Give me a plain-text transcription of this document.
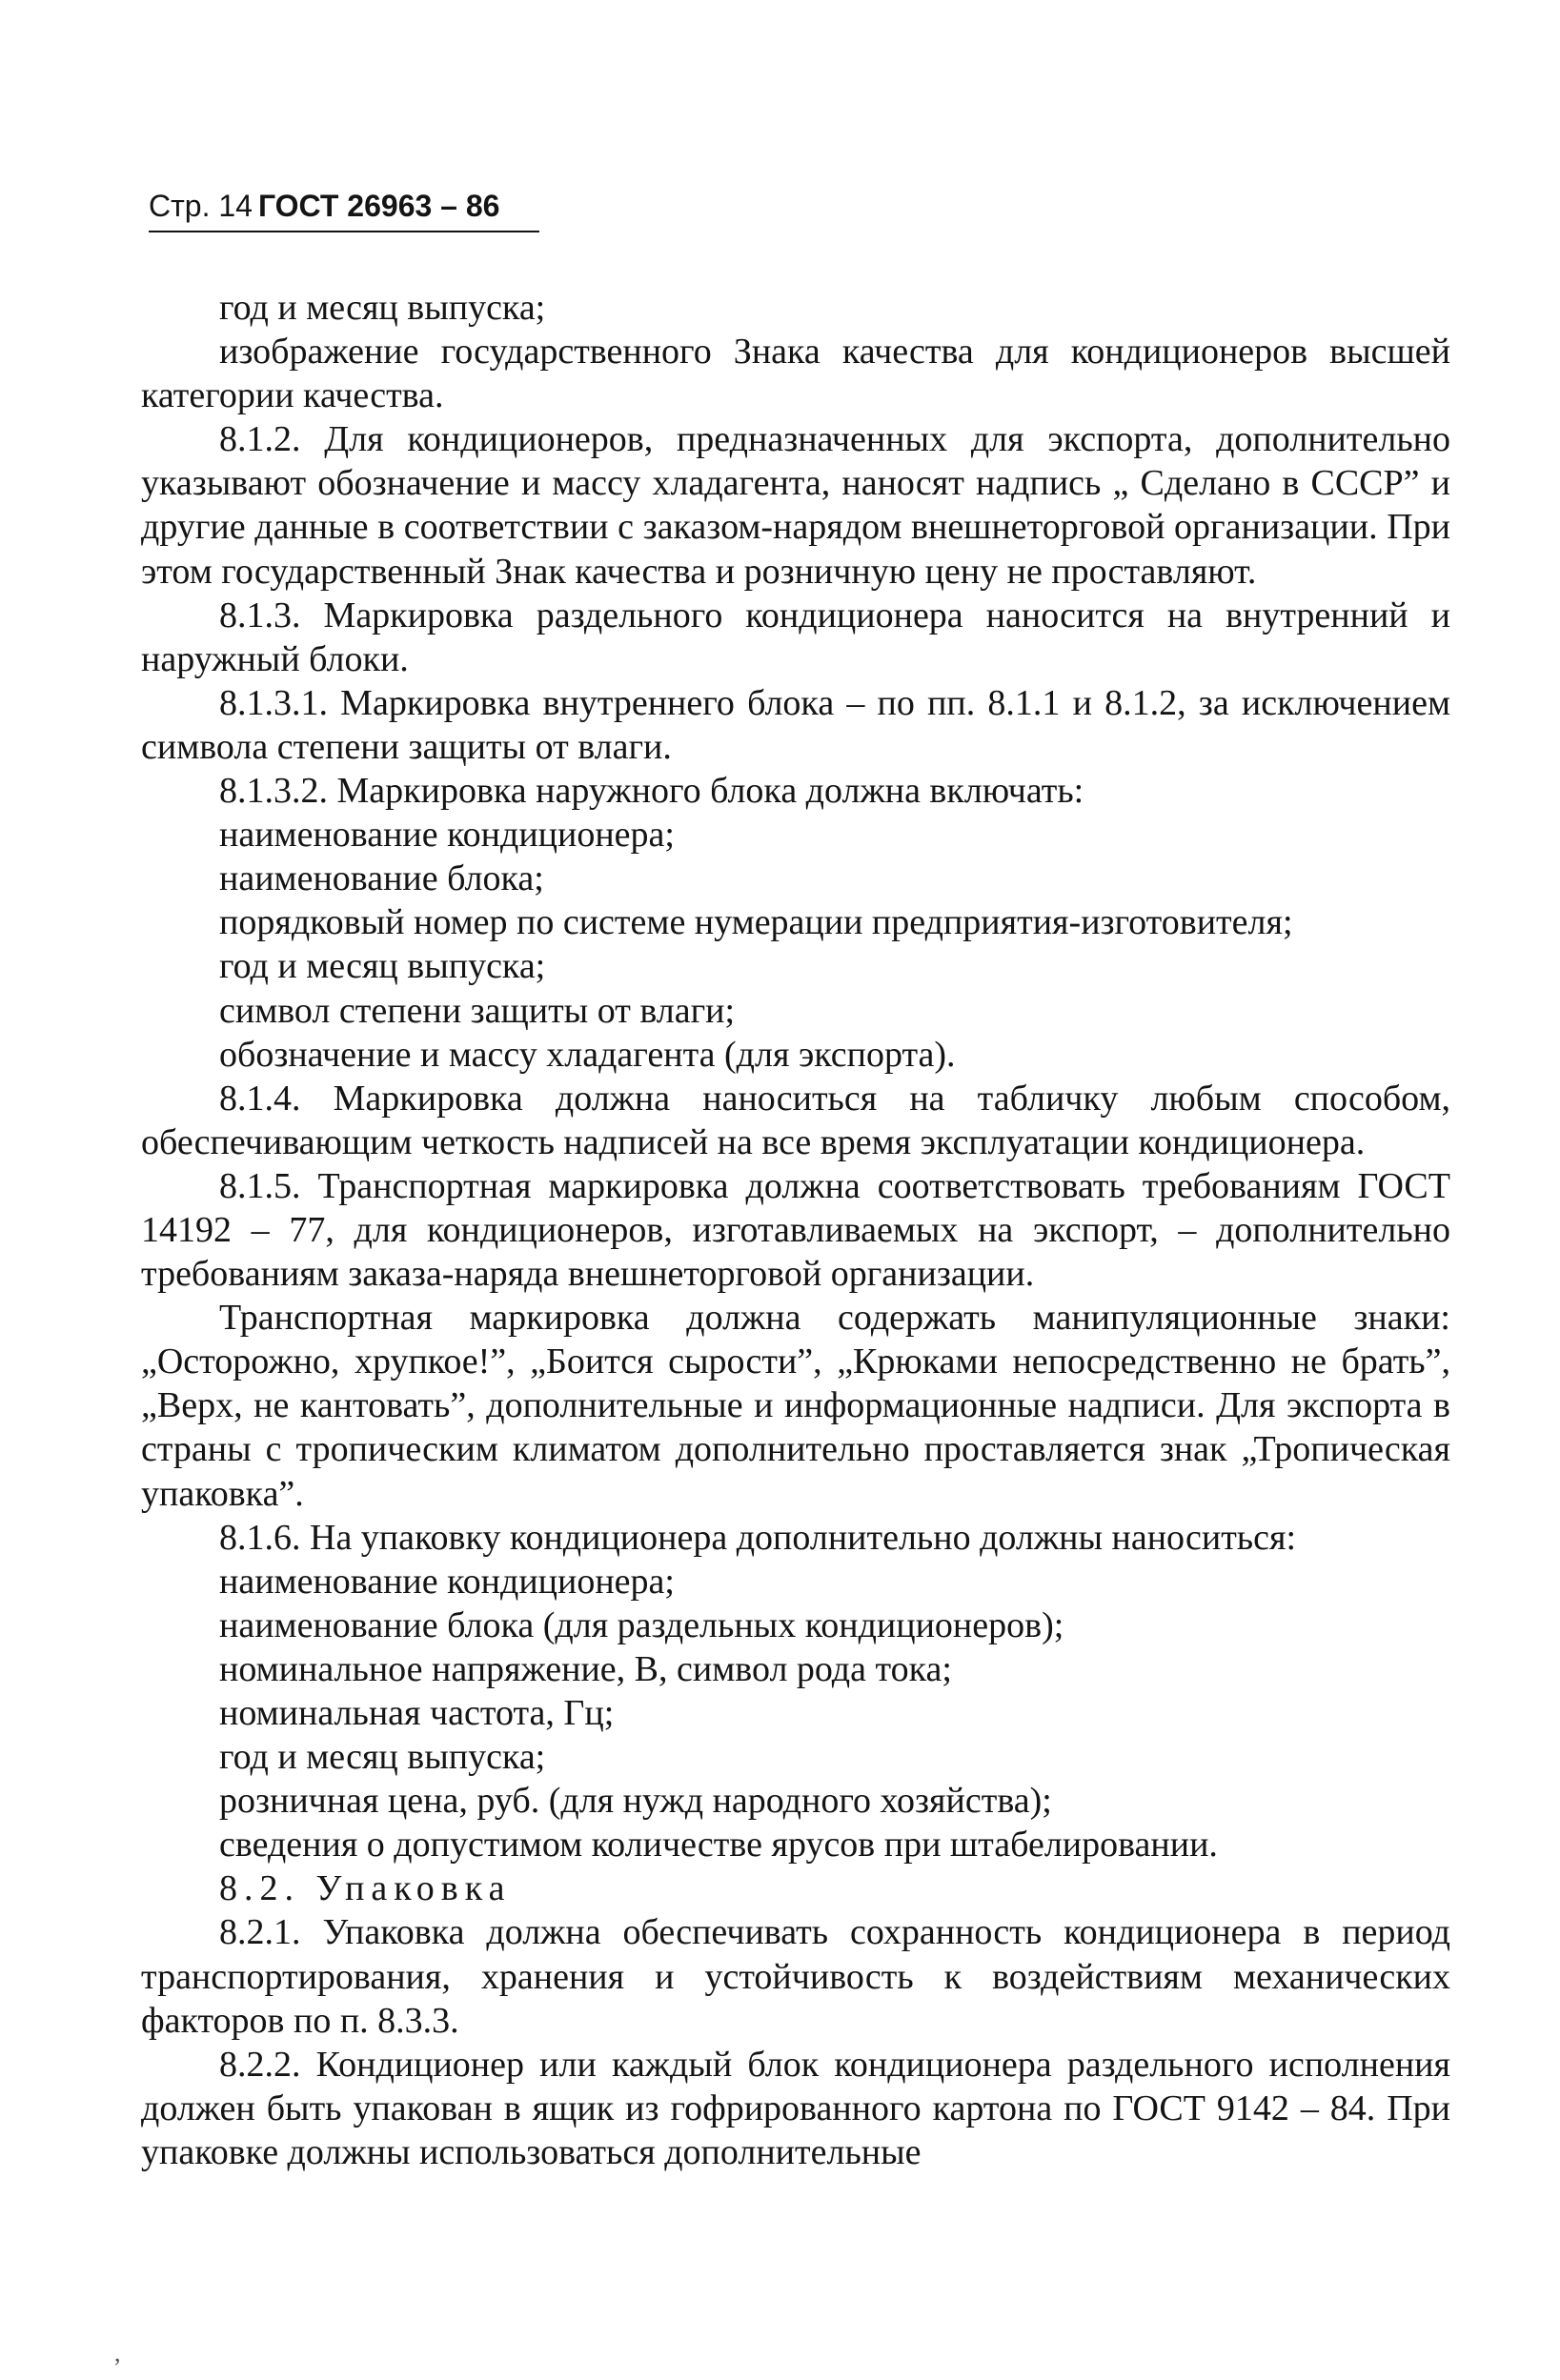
Стр. 14 ГОСТ 26963 – 86

год и месяц выпуска;

изображение государственного Знака качества для кондиционеров высшей категории качества.

8.1.2. Для кондиционеров, предназначенных для экспорта, дополнительно указывают обозначение и массу хладагента, наносят надпись „ Сделано в СССР” и другие данные в соответствии с заказом-нарядом внешнеторговой организации. При этом государственный Знак качества и розничную цену не проставляют.

8.1.3. Маркировка раздельного кондиционера наносится на внутренний и наружный блоки.

8.1.3.1. Маркировка внутреннего блока – по пп. 8.1.1 и 8.1.2, за исключением символа степени защиты от влаги.

8.1.3.2. Маркировка наружного блока должна включать:

наименование кондиционера;

наименование блока;

порядковый номер по системе нумерации предприятия-изготовителя;

год и месяц выпуска;

символ степени защиты от влаги;

обозначение и массу хладагента (для экспорта).

8.1.4. Маркировка должна наноситься на табличку любым способом, обеспечивающим четкость надписей на все время эксплуатации кондиционера.

8.1.5. Транспортная маркировка должна соответствовать требованиям ГОСТ 14192 – 77, для кондиционеров, изготавливаемых на экспорт, – дополнительно требованиям заказа-наряда внешнеторговой организации.

Транспортная маркировка должна содержать манипуляционные знаки: „Осторожно, хрупкое!”, „Боится сырости”, „Крюками непосредственно не брать”, „Верх, не кантовать”, дополнительные и информационные надписи. Для экспорта в страны с тропическим климатом дополнительно проставляется знак „Тропическая упаковка”.

8.1.6. На упаковку кондиционера дополнительно должны наноситься:

наименование кондиционера;

наименование блока (для раздельных кондиционеров);

номинальное напряжение, В, символ рода тока;

номинальная частота, Гц;

год и месяц выпуска;

розничная цена, руб. (для нужд народного хозяйства);

сведения о допустимом количестве ярусов при штабелировании.

8.2. Упаковка

8.2.1. Упаковка должна обеспечивать сохранность кондиционера в период транспортирования, хранения и устойчивость к воздействиям механических факторов по п. 8.3.3.

8.2.2. Кондиционер или каждый блок кондиционера раздельного исполнения должен быть упакован в ящик из гофрированного картона по ГОСТ 9142 – 84. При упаковке должны использоваться дополнительные

,
